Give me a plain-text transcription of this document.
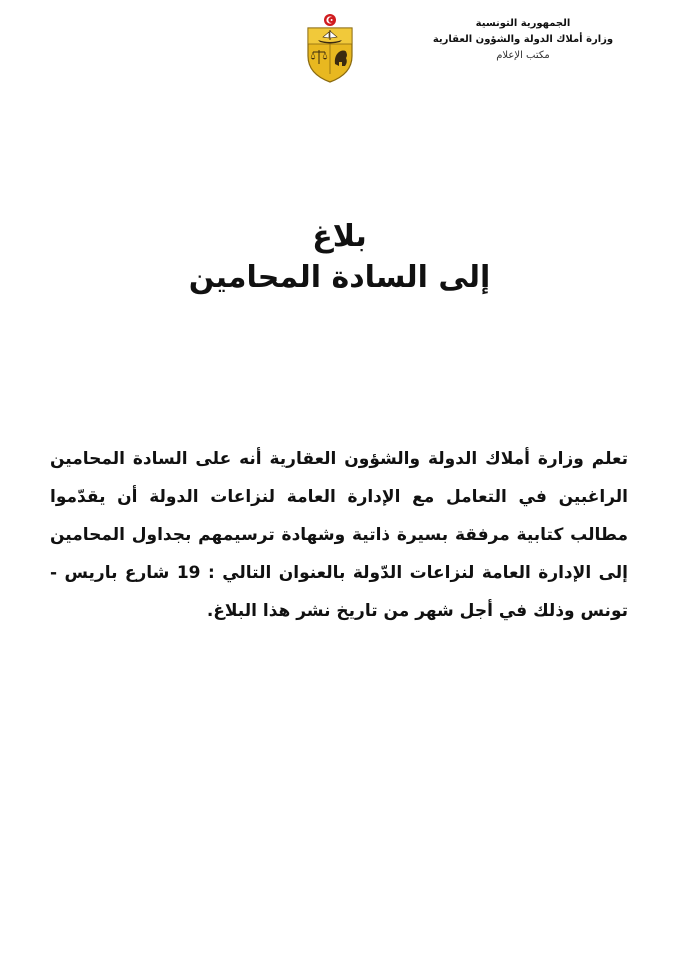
الجمهورية التونسية
وزارة أملاك الدولة والشؤون العقارية
مكتب الإعلام

بلاغ

إلى السادة المحامين

تعلم وزارة أملاك الدولة والشؤون العقارية أنه على السادة المحامين الراغبين في التعامل مع الإدارة العامة لنزاعات الدولة أن يقدّموا مطالب كتابية مرفقة بسيرة ذاتية وشهادة ترسيمهم بجداول المحامين إلى الإدارة العامة لنزاعات الدّولة بالعنوان التالي : 19 شارع باريس - تونس وذلك في أجل شهر من تاريخ نشر هذا البلاغ.
